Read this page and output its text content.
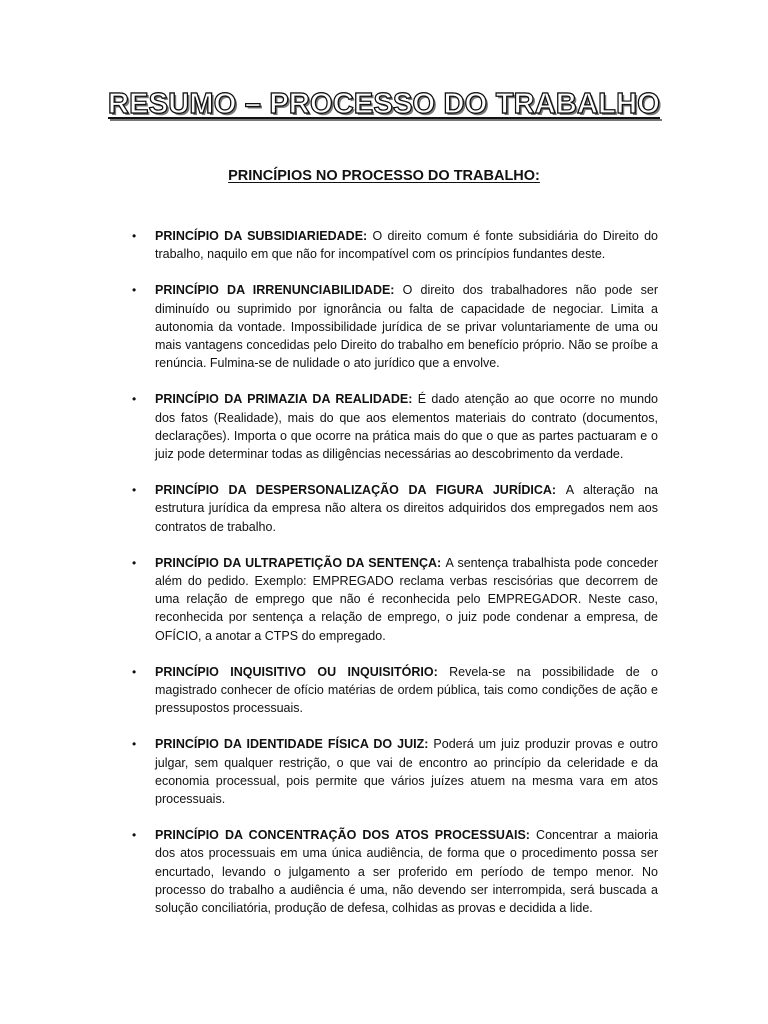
RESUMO – PROCESSO DO TRABALHO
PRINCÍPIOS NO PROCESSO DO TRABALHO:
• PRINCÍPIO DA SUBSIDIARIEDADE: O direito comum é fonte subsidiária do Direito do trabalho, naquilo em que não for incompatível com os princípios fundantes deste.
• PRINCÍPIO DA IRRENUNCIABILIDADE: O direito dos trabalhadores não pode ser diminuído ou suprimido por ignorância ou falta de capacidade de negociar. Limita a autonomia da vontade. Impossibilidade jurídica de se privar voluntariamente de uma ou mais vantagens concedidas pelo Direito do trabalho em benefício próprio. Não se proíbe a renúncia. Fulmina-se de nulidade o ato jurídico que a envolve.
• PRINCÍPIO DA PRIMAZIA DA REALIDADE: É dado atenção ao que ocorre no mundo dos fatos (Realidade), mais do que aos elementos materiais do contrato (documentos, declarações). Importa o que ocorre na prática mais do que o que as partes pactuaram e o juiz pode determinar todas as diligências necessárias ao descobrimento da verdade.
• PRINCÍPIO DA DESPERSONALIZAÇÃO DA FIGURA JURÍDICA: A alteração na estrutura jurídica da empresa não altera os direitos adquiridos dos empregados nem aos contratos de trabalho.
• PRINCÍPIO DA ULTRAPETIÇÃO DA SENTENÇA: A sentença trabalhista pode conceder além do pedido. Exemplo: EMPREGADO reclama verbas rescisórias que decorrem de uma relação de emprego que não é reconhecida pelo EMPREGADOR. Neste caso, reconhecida por sentença a relação de emprego, o juiz pode condenar a empresa, de OFÍCIO, a anotar a CTPS do empregado.
• PRINCÍPIO INQUISITIVO OU INQUISITÓRIO: Revela-se na possibilidade de o magistrado conhecer de ofício matérias de ordem pública, tais como condições de ação e pressupostos processuais.
• PRINCÍPIO DA IDENTIDADE FÍSICA DO JUIZ: Poderá um juiz produzir provas e outro julgar, sem qualquer restrição, o que vai de encontro ao princípio da celeridade e da economia processual, pois permite que vários juízes atuem na mesma vara em atos processuais.
• PRINCÍPIO DA CONCENTRAÇÃO DOS ATOS PROCESSUAIS: Concentrar a maioria dos atos processuais em uma única audiência, de forma que o procedimento possa ser encurtado, levando o julgamento a ser proferido em período de tempo menor. No processo do trabalho a audiência é uma, não devendo ser interrompida, será buscada a solução conciliatória, produção de defesa, colhidas as provas e decidida a lide.
